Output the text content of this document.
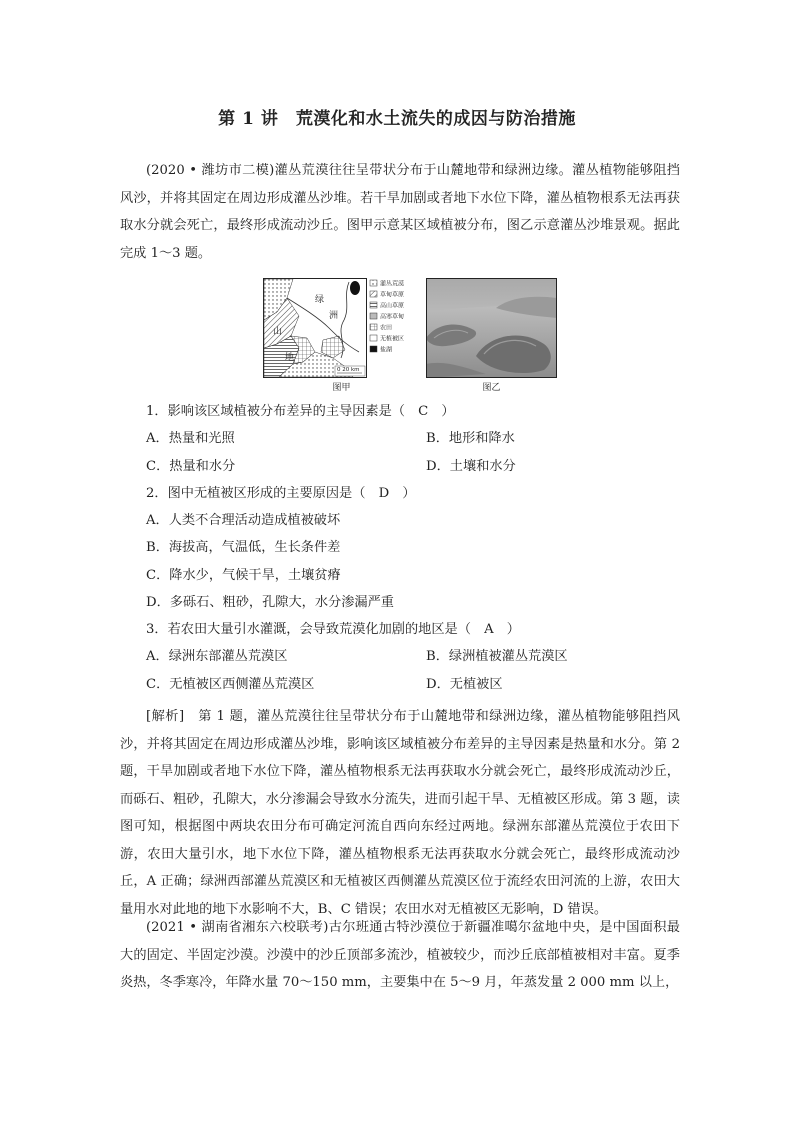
第 1 讲　荒漠化和水土流失的成因与防治措施

(2020 • 潍坊市二模)灌丛荒漠往往呈带状分布于山麓地带和绿洲边缘。灌丛植物能够阻挡风沙，并将其固定在周边形成灌丛沙堆。若干旱加剧或者地下水位下降，灌丛植物根系无法再获取水分就会死亡，最终形成流动沙丘。图甲示意某区域植被分布，图乙示意灌丛沙堆景观。据此完成 1～3 题。

绿
洲
山
地
0 20 km
灌丛荒漠
草甸草原
高山草原
高寒草甸
农田
无植被区
盐湖
图甲	图乙
1．影响该区域植被分布差异的主导因素是（　C　）
A．热量和光照	B．地形和降水
C．热量和水分	D．土壤和水分
2．图中无植被区形成的主要原因是（　D　）
A．人类不合理活动造成植被破坏
B．海拔高，气温低，生长条件差
C．降水少，气候干旱，土壤贫瘠
D．多砾石、粗砂，孔隙大，水分渗漏严重
3．若农田大量引水灌溉，会导致荒漠化加剧的地区是（　A　）
A．绿洲东部灌丛荒漠区	B．绿洲植被灌丛荒漠区
C．无植被区西侧灌丛荒漠区	D．无植被区

[解析]　第 1 题，灌丛荒漠往往呈带状分布于山麓地带和绿洲边缘，灌丛植物能够阻挡风沙，并将其固定在周边形成灌丛沙堆，影响该区域植被分布差异的主导因素是热量和水分。第 2 题，干旱加剧或者地下水位下降，灌丛植物根系无法再获取水分就会死亡，最终形成流动沙丘，而砾石、粗砂，孔隙大，水分渗漏会导致水分流失，进而引起干旱、无植被区形成。第 3 题，读图可知，根据图中两块农田分布可确定河流自西向东经过两地。绿洲东部灌丛荒漠位于农田下游，农田大量引水，地下水位下降，灌丛植物根系无法再获取水分就会死亡，最终形成流动沙丘，A 正确；绿洲西部灌丛荒漠区和无植被区西侧灌丛荒漠区位于流经农田河流的上游，农田大量用水对此地的地下水影响不大，B、C 错误；农田水对无植被区无影响，D 错误。

(2021 • 湖南省湘东六校联考)古尔班通古特沙漠位于新疆准噶尔盆地中央，是中国面积最大的固定、半固定沙漠。沙漠中的沙丘顶部多流沙，植被较少，而沙丘底部植被相对丰富。夏季炎热，冬季寒冷，年降水量 70～150 mm，主要集中在 5～9 月，年蒸发量 2 000 mm 以上，
